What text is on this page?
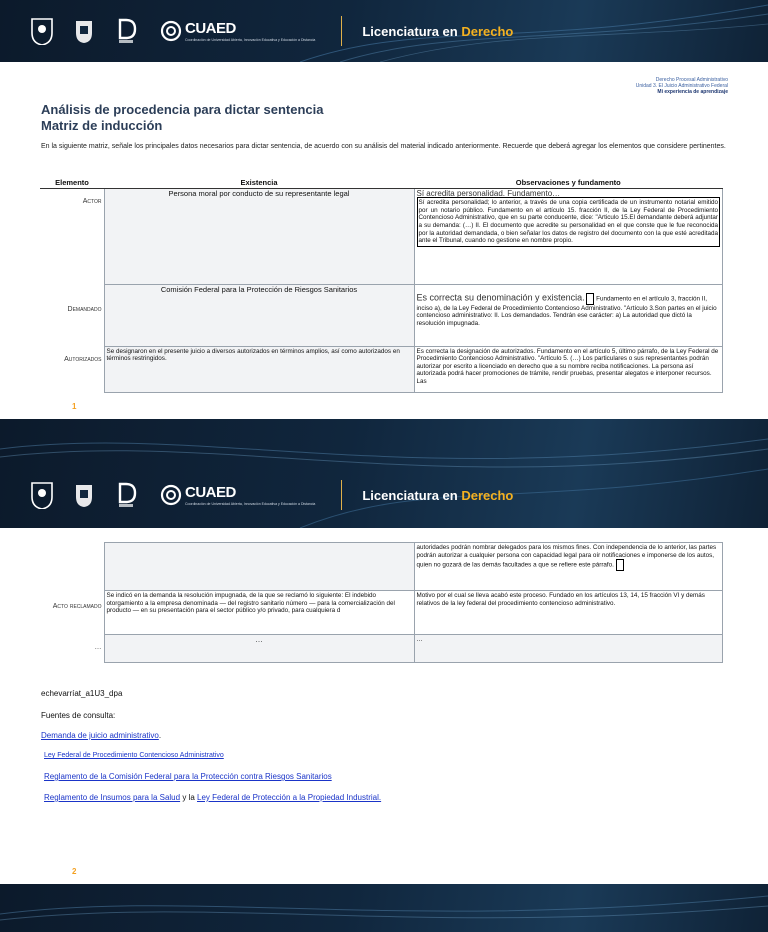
CUAED
Coordinación de Universidad Abierta, Innovación Educativa y Educación a Distancia
Licenciatura en Derecho
Derecho Procesal Administrativo
Unidad 3. El Juicio Administrativo Federal
Mi experiencia de aprendizaje
Análisis de procedencia para dictar sentencia
Matriz de inducción

En la siguiente matriz, señale los principales datos necesarios para dictar sentencia, de acuerdo con su análisis del material indicado anteriormente. Recuerde que deberá agregar los elementos que considere pertinentes.

Elemento	Existencia	Observaciones y fundamento
Actor	Persona moral por conducto de su representante legal	Sí acredita personalidad. Fundamento…
Sí acredita personalidad; lo anterior, a través de una copia certificada de un instrumento notarial emitido por un notario público. Fundamento en el artículo 15. fracción II, de la Ley Federal de Procedimiento Contencioso Administrativo, que en su parte conducente, dice: "Articulo 15.El demandante deberá adjuntar a su demanda: (…) II. El documento que acredite su personalidad en el que conste que le fue reconocida por la autoridad demandada, o bien señalar los datos de registro del documento con la que esté acreditada ante el Tribunal, cuando no gestione en nombre propio.

Demandado	Comisión Federal para la Protección de Riesgos Sanitarios	Es correcta su denominación y existencia. Fundamento en el artículo 3, fracción II, inciso a), de la Ley Federal de Procedimiento Contencioso Administrativo. "Artículo 3.Son partes en el juicio contencioso administrativo: II. Los demandados. Tendrán ese carácter: a) La autoridad que dictó la resolución impugnada.
Autorizados	Se designaron en el presente juicio a diversos autorizados en términos amplios, así como autorizados en términos restringidos.	Es correcta la designación de autorizados. Fundamento en el artículo 5, último párrafo, de la Ley Federal de Procedimiento Contencioso Administrativo. "Artículo 5. (…) Los particulares o sus representantes podrán autorizar por escrito a licenciado en derecho que a su nombre reciba notificaciones. La persona así autorizada podrá hacer promociones de trámite, rendir pruebas, presentar alegatos e interponer recursos. Las
1
CUAED
Coordinación de Universidad Abierta, Innovación Educativa y Educación a Distancia
Licenciatura en Derecho
		autoridades podrán nombrar delegados para los mismos fines. Con independencia de lo anterior, las partes podrán autorizar a cualquier persona con capacidad legal para oír notificaciones e imponerse de los autos, quien no gozará de las demás facultades a que se refiere este párrafo.
Acto reclamado	Se indicó en la demanda la resolución impugnada, de la que se reclamó lo siguiente: El indebido otorgamiento a la empresa denominada — del registro sanitario número — para la comercialización del producto — en su presentación para el sector público y/o privado, para cualquiera d	Motivo por el cual se lleva acabó este proceso. Fundado en los artículos 13, 14, 15 fracción VI y demás relativos de la ley federal del procedimiento contencioso administrativo.
…	…	…
echevarríat_a1U3_dpa
Fuentes de consulta:
Demanda de juicio administrativo.
Ley Federal de Procedimiento Contencioso Administrativo
Reglamento de la Comisión Federal para la Protección contra Riesgos Sanitarios
Reglamento de Insumos para la Salud y la Ley Federal de Protección a la Propiedad Industrial.
2
